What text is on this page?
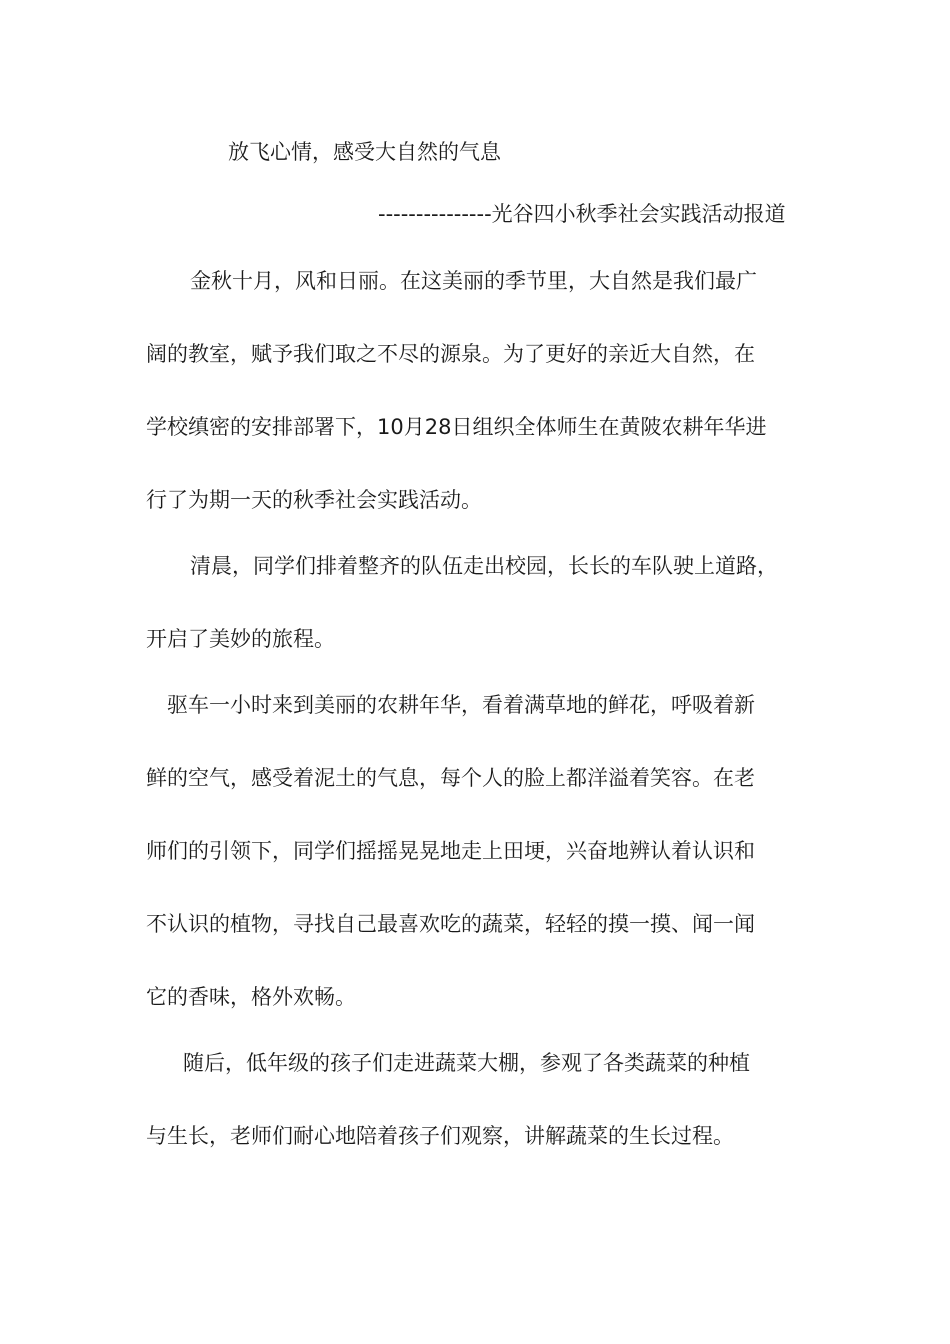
放飞心情，感受大自然的气息
---------------光谷四小秋季社会实践活动报道
金秋十月，风和日丽。在这美丽的季节里，大自然是我们最广
阔的教室，赋予我们取之不尽的源泉。为了更好的亲近大自然，在
学校缜密的安排部署下，10月28日组织全体师生在黄陂农耕年华进
行了为期一天的秋季社会实践活动。
清晨，同学们排着整齐的队伍走出校园，长长的车队驶上道路，
开启了美妙的旅程。
驱车一小时来到美丽的农耕年华，看着满草地的鲜花，呼吸着新
鲜的空气，感受着泥土的气息，每个人的脸上都洋溢着笑容。在老
师们的引领下，同学们摇摇晃晃地走上田埂，兴奋地辨认着认识和
不认识的植物，寻找自己最喜欢吃的蔬菜，轻轻的摸一摸、闻一闻
它的香味，格外欢畅。
随后，低年级的孩子们走进蔬菜大棚，参观了各类蔬菜的种植
与生长，老师们耐心地陪着孩子们观察，讲解蔬菜的生长过程。
